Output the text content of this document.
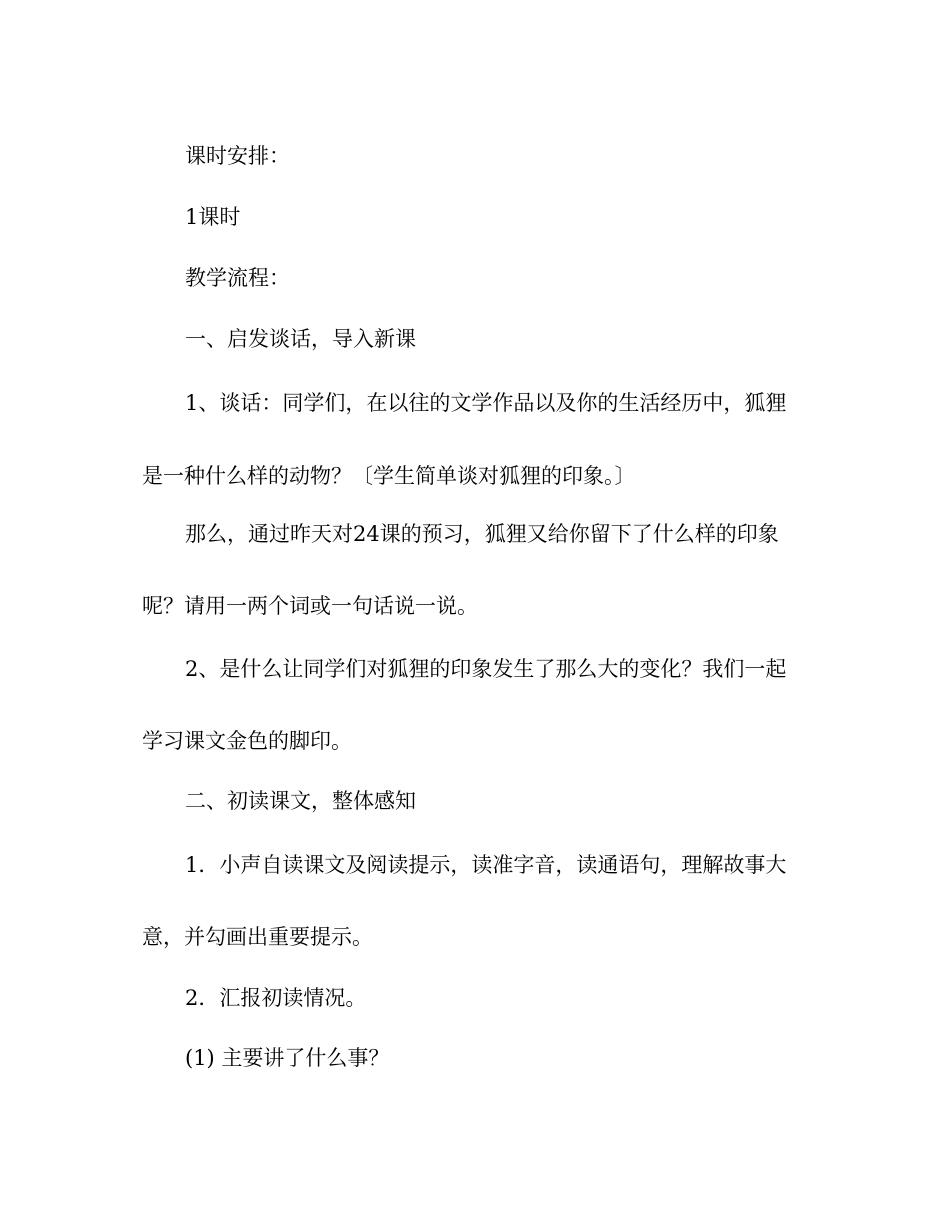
课时安排：
1课时
教学流程：
一、启发谈话，导入新课
1、谈话：同学们，在以往的文学作品以及你的生活经历中，狐狸
是一种什么样的动物？〔学生简单谈对狐狸的印象。〕
那么，通过昨天对24课的预习，狐狸又给你留下了什么样的印象
呢？请用一两个词或一句话说一说。
2、是什么让同学们对狐狸的印象发生了那么大的变化？我们一起
学习课文金色的脚印。
二、初读课文，整体感知
1．小声自读课文及阅读提示，读准字音，读通语句，理解故事大
意，并勾画出重要提示。
2．汇报初读情况。
(1) 主要讲了什么事？
